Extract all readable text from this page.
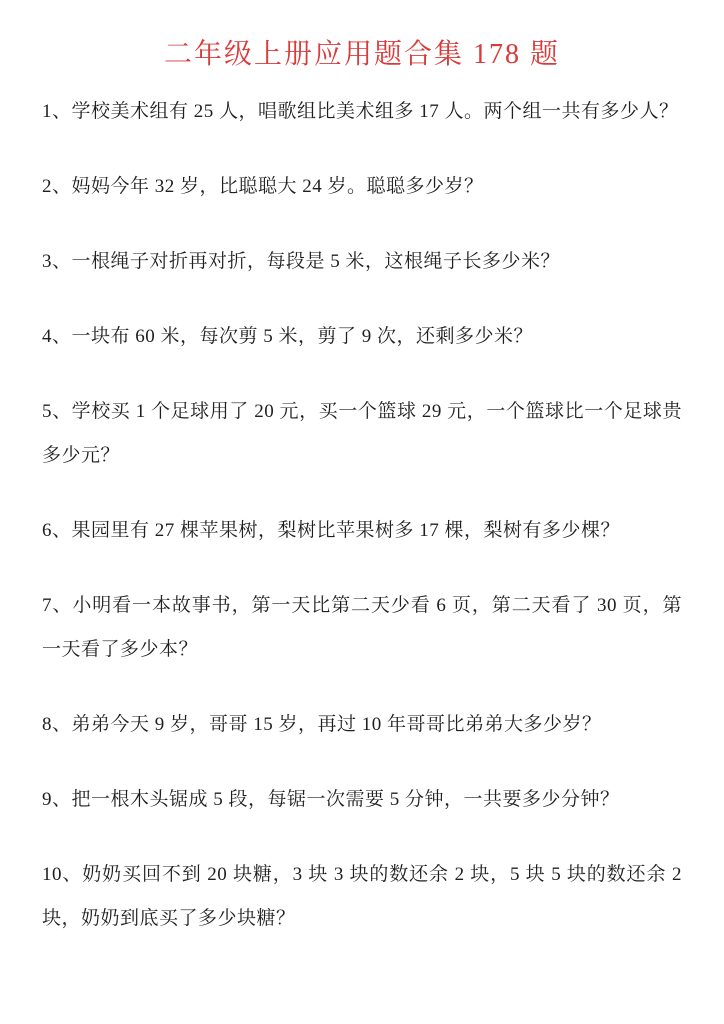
二年级上册应用题合集 178 题

1、学校美术组有 25 人，唱歌组比美术组多 17 人。两个组一共有多少人？

2、妈妈今年 32 岁，比聪聪大 24 岁。聪聪多少岁？

3、一根绳子对折再对折，每段是 5 米，这根绳子长多少米？

4、一块布 60 米，每次剪 5 米，剪了 9 次，还剩多少米？

5、学校买 1 个足球用了 20 元，买一个篮球 29 元，一个篮球比一个足球贵多少元？

6、果园里有 27 棵苹果树，梨树比苹果树多 17 棵，梨树有多少棵？

7、小明看一本故事书，第一天比第二天少看 6 页，第二天看了 30 页，第一天看了多少本？

8、弟弟今天 9 岁，哥哥 15 岁，再过 10 年哥哥比弟弟大多少岁？

9、把一根木头锯成 5 段，每锯一次需要 5 分钟，一共要多少分钟？

10、奶奶买回不到 20 块糖，3 块 3 块的数还余 2 块，5 块 5 块的数还余 2 块，奶奶到底买了多少块糖？
